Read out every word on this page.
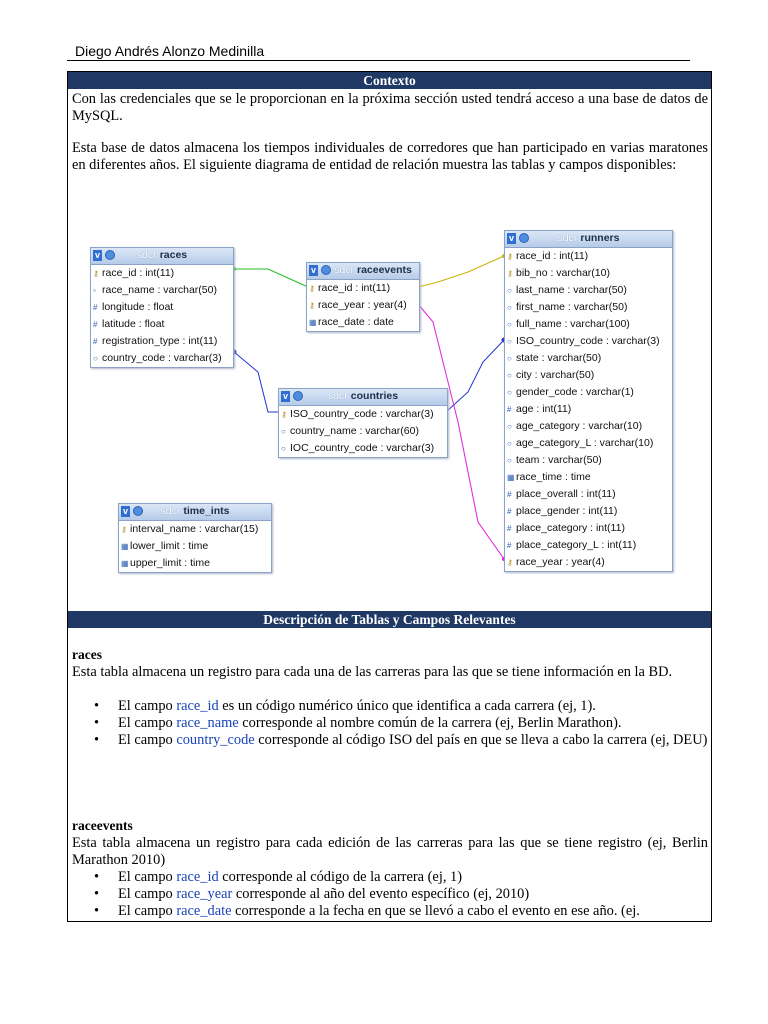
Diego Andrés Alonzo Medinilla
Contexto

Con las credenciales que se le proporcionan en la próxima sección usted tendrá acceso a una base de datos de MySQL.

Esta base de datos almacena los tiempos individuales de corredores que han participado en varias maratones en diferentes años. El siguiente diagrama de entidad de relación muestra las tablas y campos disponibles:

v	sdcr races
⚷ race_id : int(11)
▫ race_name : varchar(50)
# longitude : float
# latitude : float
# registration_type : int(11)
○ country_code : varchar(3)
v	sdcr raceevents
⚷ race_id : int(11)
⚷ race_year : year(4)
▦race_date : date
v	sdcr countries
⚷ ISO_country_code : varchar(3)
○ country_name : varchar(60)
○ IOC_country_code : varchar(3)
v	sdcr time_ints
⚷ interval_name : varchar(15)
▦lower_limit : time
▦upper_limit : time
v	sdcr runners
⚷ race_id : int(11)
⚷ bib_no : varchar(10)
○ last_name : varchar(50)
○ first_name : varchar(50)
○ full_name : varchar(100)
○ ISO_country_code : varchar(3)
○ state : varchar(50)
○ city : varchar(50)
○ gender_code : varchar(1)
# age : int(11)
○ age_category : varchar(10)
○ age_category_L : varchar(10)
○ team : varchar(50)
▦race_time : time
# place_overall : int(11)
# place_gender : int(11)
# place_category : int(11)
# place_category_L : int(11)
⚷ race_year : year(4)
Descripción de Tablas y Campos Relevantes
races

Esta tabla almacena un registro para cada una de las carreras para las que se tiene información en la BD.

• El campo race_id es un código numérico único que identifica a cada carrera (ej, 1).
• El campo race_name corresponde al nombre común de la carrera (ej, Berlin Marathon).
• El campo country_code corresponde al código ISO del país en que se lleva a cabo la carrera (ej, DEU)
raceevents

Esta tabla almacena un registro para cada edición de las carreras para las que se tiene registro (ej, Berlin Marathon 2010)

• El campo race_id corresponde al código de la carrera (ej, 1)
• El campo race_year corresponde al año del evento específico (ej, 2010)
• El campo race_date corresponde a la fecha en que se llevó a cabo el evento en ese año. (ej.
